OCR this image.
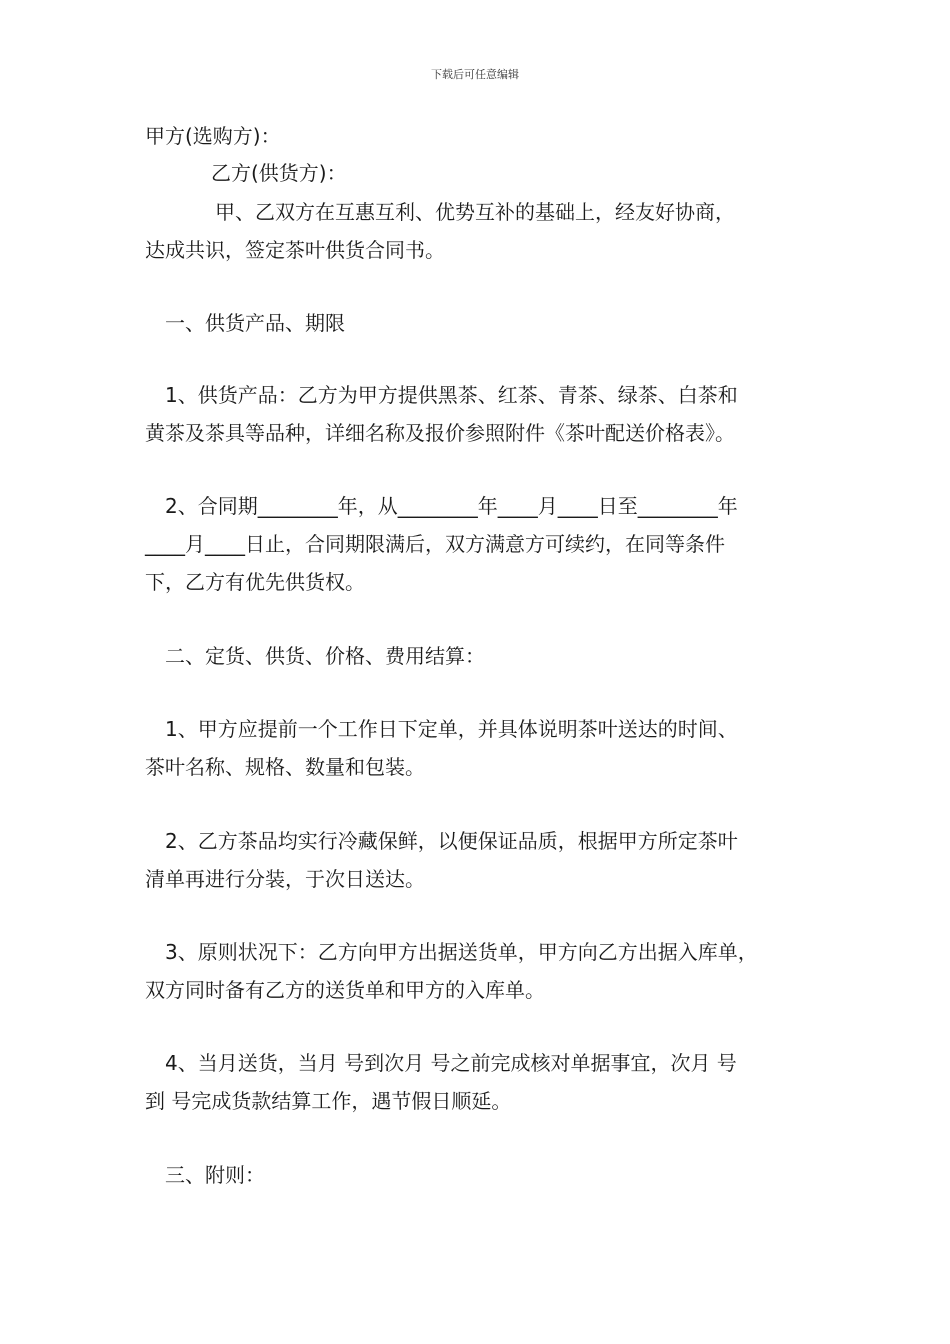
下载后可任意编辑
甲方(选购方)：
乙方(供货方)：
甲、乙双方在互惠互利、优势互补的基础上，经友好协商，
达成共识，签定茶叶供货合同书。
一、供货产品、期限
1、供货产品：乙方为甲方提供黑茶、红茶、青茶、绿茶、白茶和
黄茶及茶具等品种，详细名称及报价参照附件《茶叶配送价格表》。
2、合同期________年，从________年____月____日至________年
____月____日止，合同期限满后，双方满意方可续约，在同等条件
下，乙方有优先供货权。
二、定货、供货、价格、费用结算：
1、甲方应提前一个工作日下定单，并具体说明茶叶送达的时间、
茶叶名称、规格、数量和包装。
2、乙方茶品均实行冷藏保鲜，以便保证品质，根据甲方所定茶叶
清单再进行分装，于次日送达。
3、原则状况下：乙方向甲方出据送货单，甲方向乙方出据入库单，
双方同时备有乙方的送货单和甲方的入库单。
4、当月送货，当月 号到次月 号之前完成核对单据事宜，次月 号
到 号完成货款结算工作，遇节假日顺延。
三、附则：
